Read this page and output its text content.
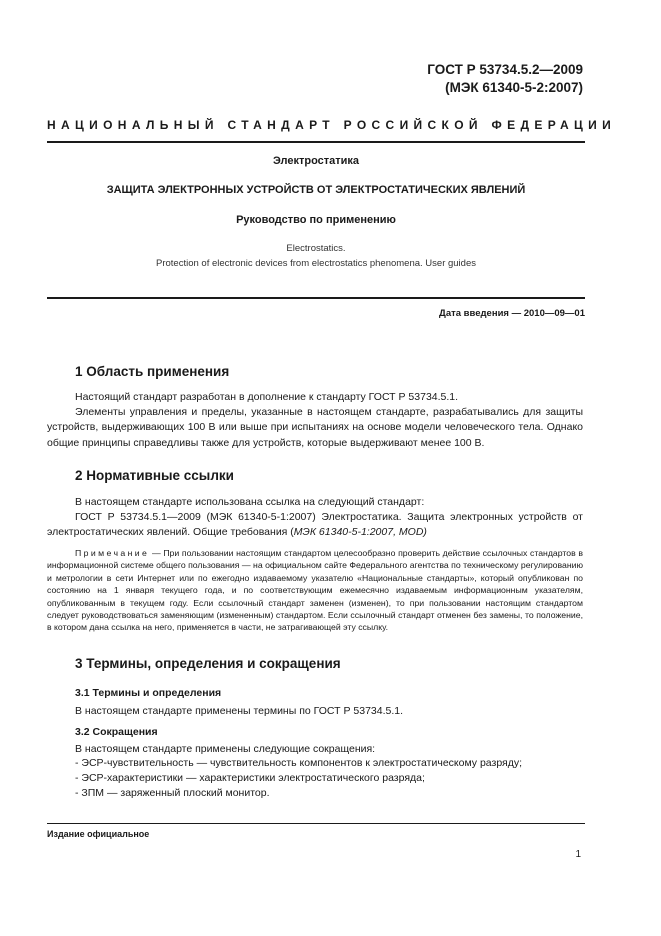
ГОСТ Р 53734.5.2—2009
(МЭК 61340-5-2:2007)
НАЦИОНАЛЬНЫЙ СТАНДАРТ РОССИЙСКОЙ ФЕДЕРАЦИИ
Электростатика
ЗАЩИТА ЭЛЕКТРОННЫХ УСТРОЙСТВ ОТ ЭЛЕКТРОСТАТИЧЕСКИХ ЯВЛЕНИЙ
Руководство по применению
Electrostatics.
Protection of electronic devices from electrostatics phenomena. User guides
Дата введения — 2010—09—01
1 Область применения
Настоящий стандарт разработан в дополнение к стандарту ГОСТ Р 53734.5.1.
Элементы управления и пределы, указанные в настоящем стандарте, разрабатывались для защиты устройств, выдерживающих 100 В или выше при испытаниях на основе модели человеческого тела. Однако общие принципы справедливы также для устройств, которые выдерживают менее 100 В.
2 Нормативные ссылки
В настоящем стандарте использована ссылка на следующий стандарт:
ГОСТ Р 53734.5.1—2009 (МЭК 61340-5-1:2007) Электростатика. Защита электронных устройств от электростатических явлений. Общие требования (МЭК 61340-5-1:2007, MOD)
Примечание — При пользовании настоящим стандартом целесообразно проверить действие ссылочных стандартов в информационной системе общего пользования — на официальном сайте Федерального агентства по техническому регулированию и метрологии в сети Интернет или по ежегодно издаваемому указателю «Национальные стандарты», который опубликован по состоянию на 1 января текущего года, и по соответствующим ежемесячно издаваемым информационным указателям, опубликованным в текущем году. Если ссылочный стандарт заменен (изменен), то при пользовании настоящим стандартом следует руководствоваться заменяющим (измененным) стандартом. Если ссылочный стандарт отменен без замены, то положение, в котором дана ссылка на него, применяется в части, не затрагивающей эту ссылку.
3 Термины, определения и сокращения
3.1 Термины и определения
В настоящем стандарте применены термины по ГОСТ Р 53734.5.1.
3.2 Сокращения
В настоящем стандарте применены следующие сокращения:
- ЭСР-чувствительность — чувствительность компонентов к электростатическому разряду;
- ЭСР-характеристики — характеристики электростатического разряда;
- ЗПМ — заряженный плоский монитор.
Издание официальное
1
